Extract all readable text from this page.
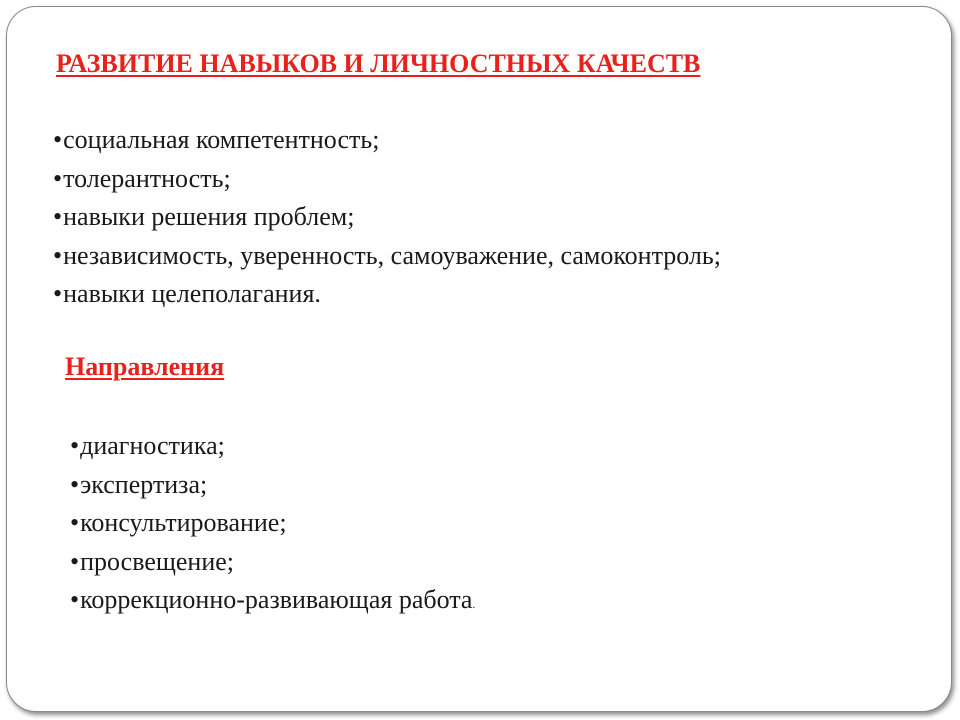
РАЗВИТИЕ НАВЫКОВ И ЛИЧНОСТНЫХ КАЧЕСТВ
• социальная компетентность;
• толерантность;
• навыки решения проблем;
• независимость, уверенность, самоуважение, самоконтроль;
• навыки целеполагания.
Направления
• диагностика;
• экспертиза;
• консультирование;
• просвещение;
• коррекционно-развивающая работа.
